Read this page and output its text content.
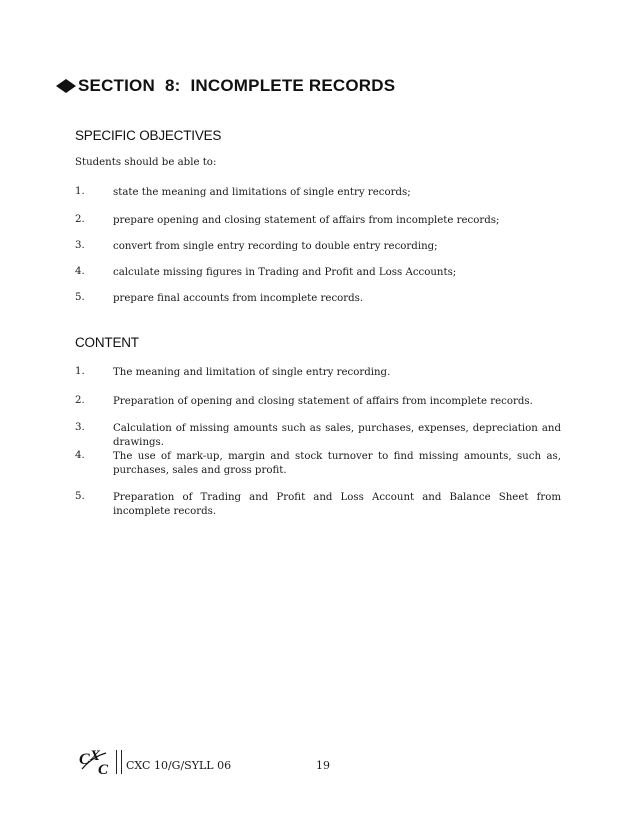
SECTION 8: INCOMPLETE RECORDS
SPECIFIC OBJECTIVES
Students should be able to:
1.	state the meaning and limitations of single entry records;
2.	prepare opening and closing statement of affairs from incomplete records;
3.	convert from single entry recording to double entry recording;
4.	calculate missing figures in Trading and Profit and Loss Accounts;
5.	prepare final accounts from incomplete records.
CONTENT
1.	The meaning and limitation of single entry recording.
2.	Preparation of opening and closing statement of affairs from incomplete records.
3.	Calculation of missing amounts such as sales, purchases, expenses, depreciation and drawings.
4.	The use of mark-up, margin and stock turnover to find missing amounts, such as, purchases, sales and gross profit.
5.	Preparation of Trading and Profit and Loss Account and Balance Sheet from incomplete records.
C X
C CXC 10/G/SYLL 06	19
